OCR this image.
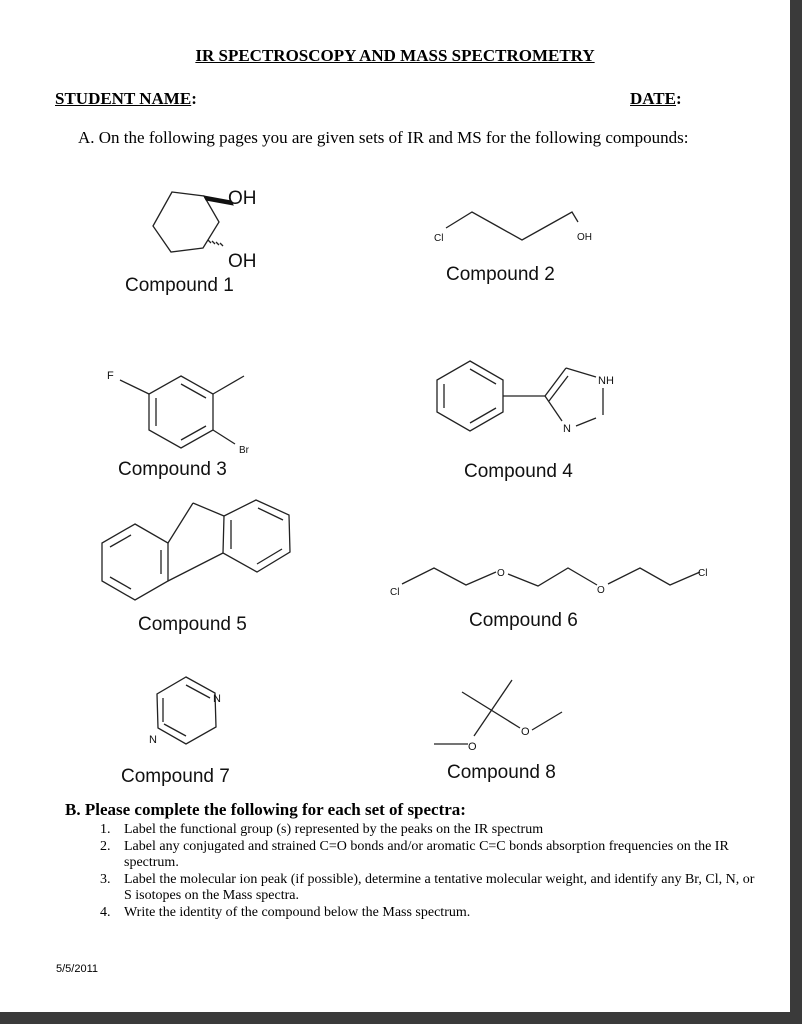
IR SPECTROSCOPY AND MASS SPECTROMETRY
STUDENT NAME:	DATE:
A. On the following pages you are given sets of IR and MS for the following compounds:
OH
OH
Cl	OH
F
Br
NH
N
Cl
O
O
Cl
N
N
O
O
Compound 1
Compound 2
Compound 3	Compound 4
Compound 5	Compound 6
Compound 7	Compound 8
B. Please complete the following for each set of spectra:
1. Label the functional group (s) represented by the peaks on the IR spectrum
2. Label any conjugated and strained C=O bonds and/or aromatic C=C bonds absorption frequencies on the IR spectrum.
3. Label the molecular ion peak (if possible), determine a tentative molecular weight, and identify any Br, Cl, N, or S isotopes on the Mass spectra.
4. Write the identity of the compound below the Mass spectrum.
5/5/2011
